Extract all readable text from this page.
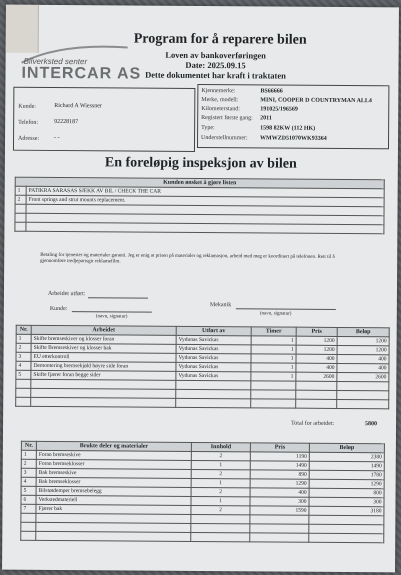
Bilverksted senter
INTERCAR AS
Program for å reparere bilen
Loven av bankoverføringen
Date: 2025.09.15
Dette dokumentet har kraft i traktaten
Kunde:	Richard A Wiessner
Telefon:	92228187
Adresse: - -
Kjennemerke:	BS66666
Merke, modell:	MINI, COOPER D COUNTRYMAN ALL4
Kilometerstand:	191025/196569
Registert første gang: 2011
Type:	1598 82KW (112 HK)
Understellnummer: WMWZD51070WK93364
En foreløpig inspeksjon av bilen
Kunden ønsket å gjøre listen	
1	PATIKRA SARASAS SJEKK AV BIL / CHECK THE CAR
2	Front springs and strut mounts replacement.

Betaling for tjenester og materialer garanti. Jeg er enig at prisen på materialer og reklamasjon, arbeid med meg er koordinert på telefonen. Rett til å gjennomføre tredjepartsgir reklamefilm.
Arbeidet utført:
Kunde:
(navn, signatur)
Mekanik
(navn, signatur)
Nr.	Arbeidet	Utført av	Timer	Pris	Beløp
1	Skifte bremseskiver og klosser foran	Vydunas Savickas	1	1200	1200
2	Skifte Bremseskiver og klosser bak	Vydunas Savickas	1	1200	1200
3	EU etterkontroll	Vydunas Savickas	1	400	400
4	Demontering bremsekjøld høyre side foran	Vydunas Savickas	1	400	400
5	Skifte fjærer foran begge sider	Vydunas Savickas	1	2600	2600

Total for arbeidet:	5800
Nr.	Brukte deler og materialer	Innhold	Pris	Beløp
1	Foran bremseskive	2	1190	2380
2	Foran bremseklosser	1	1490	1490
3	Bak bremseskive	2	890	1780
4	Bak bremseklosser	1	1290	1290
5	Bilstøtdemper bremsebelegg	2	400	800
6	Verkstedmateriell	1	300	300
7	Fjærer bak	2	1590	3180
